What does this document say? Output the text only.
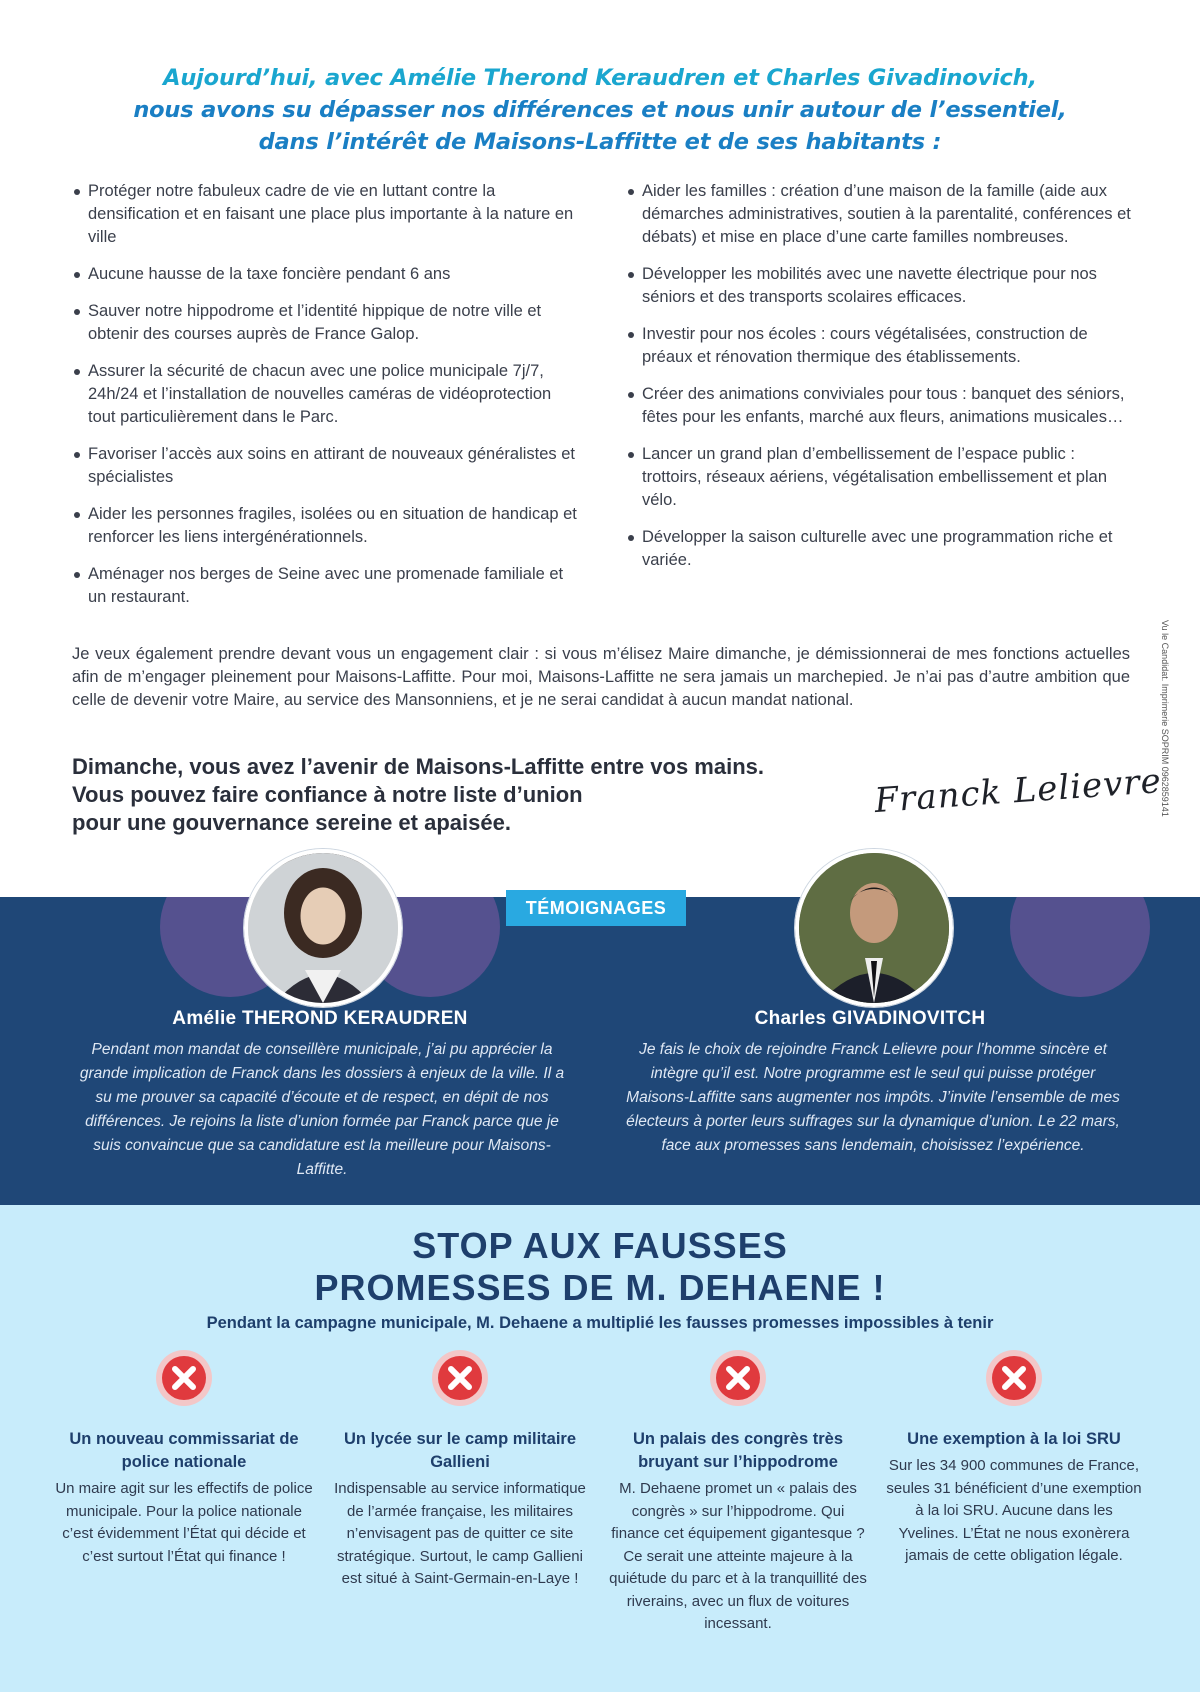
Aujourd’hui, avec Amélie Therond Keraudren et Charles Givadinovich,
nous avons su dépasser nos différences et nous unir autour de l’essentiel,
dans l’intérêt de Maisons-Laffitte et de ses habitants :
Protéger notre fabuleux cadre de vie en luttant contre la densification et en faisant une place plus importante à la nature en ville
Aucune hausse de la taxe foncière pendant 6 ans
Sauver notre hippodrome et l’identité hippique de notre ville et obtenir des courses auprès de France Galop.
Assurer la sécurité de chacun avec une police municipale 7j/7, 24h/24 et l’installation de nouvelles caméras de vidéoprotection tout particulièrement dans le Parc.
Favoriser l’accès aux soins en attirant de nouveaux généralistes et spécialistes
Aider les personnes fragiles, isolées ou en situation de handicap et renforcer les liens intergénérationnels.
Aménager nos berges de Seine avec une promenade familiale et un restaurant.
Aider les familles : création d’une maison de la famille (aide aux démarches administratives, soutien à la parentalité, conférences et débats) et mise en place d’une carte familles nombreuses.
Développer les mobilités avec une navette électrique pour nos séniors et des transports scolaires efficaces.
Investir pour nos écoles : cours végétalisées, construction de préaux et rénovation thermique des établissements.
Créer des animations conviviales pour tous : banquet des séniors, fêtes pour les enfants, marché aux fleurs, animations musicales…
Lancer un grand plan d’embellissement de l’espace public : trottoirs, réseaux aériens, végétalisation embellissement et plan vélo.
Développer la saison culturelle avec une programmation riche et variée.
Je veux également prendre devant vous un engagement clair : si vous m’élisez Maire dimanche, je démissionnerai de mes fonctions actuelles afin de m’engager pleinement pour Maisons-Laffitte. Pour moi, Maisons-Laffitte ne sera jamais un marchepied. Je n’ai pas d’autre ambition que celle de devenir votre Maire, au service des Mansonniens, et je ne serai candidat à aucun mandat national.
Dimanche, vous avez l’avenir de Maisons-Laffitte entre vos mains.
Vous pouvez faire confiance à notre liste d’union
pour une gouvernance sereine et apaisée.
Franck Lelievre
Vu le Candidat. Imprimerie SOPRIM 0962859141
TÉMOIGNAGES
Amélie THEROND KERAUDREN	Charles GIVADINOVITCH
Pendant mon mandat de conseillère municipale, j’ai pu apprécier la grande implication de Franck dans les dossiers à enjeux de la ville. Il a su me prouver sa capacité d’écoute et de respect, en dépit de nos différences. Je rejoins la liste d’union formée par Franck parce que je suis convaincue que sa candidature est la meilleure pour Maisons-Laffitte.
Je fais le choix de rejoindre Franck Lelievre pour l’homme sincère et intègre qu’il est. Notre programme est le seul qui puisse protéger Maisons-Laffitte sans augmenter nos impôts. J’invite l’ensemble de mes électeurs à porter leurs suffrages sur la dynamique d’union. Le 22 mars, face aux promesses sans lendemain, choisissez l’expérience.
STOP AUX FAUSSES
PROMESSES DE M. DEHAENE !
Pendant la campagne municipale, M. Dehaene a multiplié les fausses promesses impossibles à tenir
Un nouveau commissariat de police nationale
Un maire agit sur les effectifs de police municipale. Pour la police nationale c’est évidemment l’État qui décide et c’est surtout l’État qui finance !
Un lycée sur le camp militaire Gallieni
Indispensable au service informatique de l’armée française, les militaires n’envisagent pas de quitter ce site stratégique. Surtout, le camp Gallieni est situé à Saint-Germain-en-Laye !
Un palais des congrès très bruyant sur l’hippodrome
M. Dehaene promet un « palais des congrès » sur l’hippodrome. Qui finance cet équipement gigantesque ? Ce serait une atteinte majeure à la quiétude du parc et à la tranquillité des riverains, avec un flux de voitures incessant.
Une exemption à la loi SRU
Sur les 34 900 communes de France, seules 31 bénéficient d’une exemption à la loi SRU. Aucune dans les Yvelines. L’État ne nous exonèrera jamais de cette obligation légale.
